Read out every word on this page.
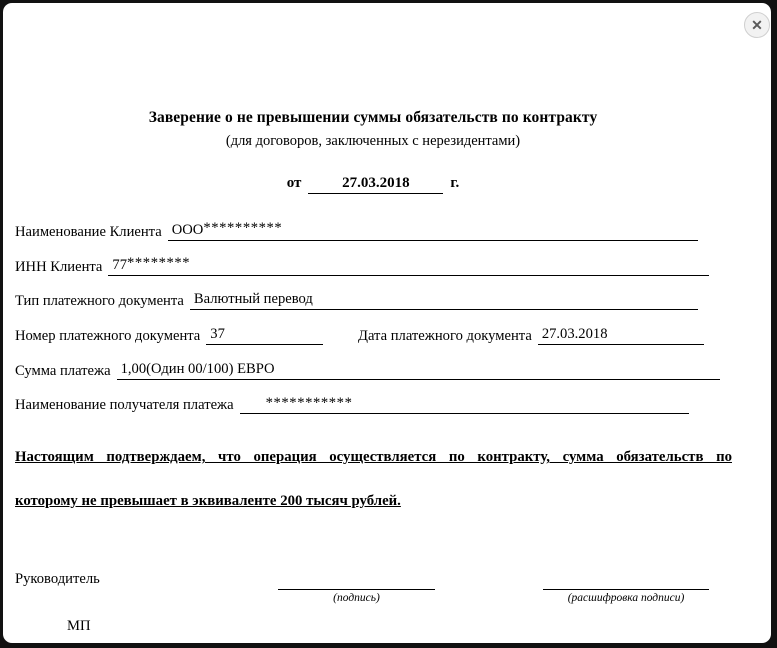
✕
Заверение о не превышении суммы обязательств по контракту
(для договоров, заключенных с нерезидентами)
от	27.03.2018	г.
Наименование Клиента ООО**********
ИНН Клиента 77********
Тип платежного документа Валютный перевод
Номер платежного документа 37	Дата платежного документа 27.03.2018
Сумма платежа 1,00(Один 00/100) ЕВРО
Наименование получателя платежа ***********
Настоящим подтверждаем, что операция осуществляется по контракту, сумма обязательств по
которому не превышает в эквиваленте 200 тысяч рублей.
Руководитель
(подпись)	(расшифровка подписи)
МП
